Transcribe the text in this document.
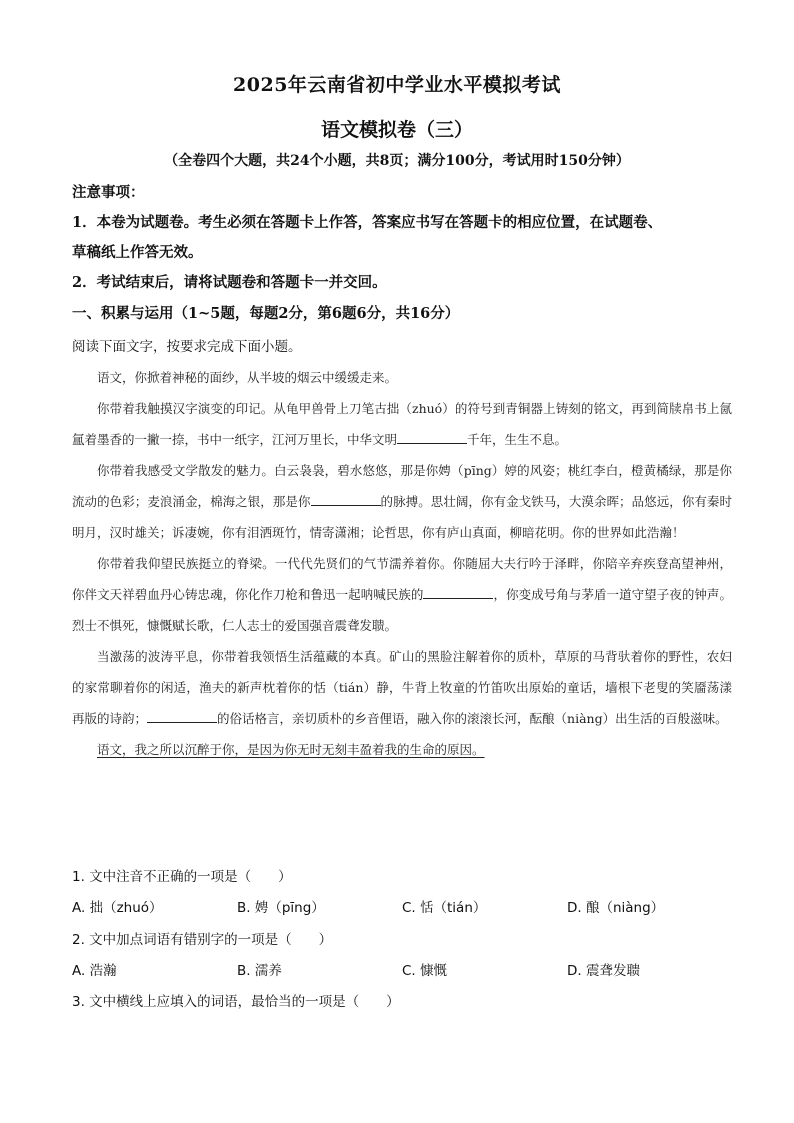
2025年云南省初中学业水平模拟考试
语文模拟卷（三）
（全卷四个大题，共24个小题，共8页；满分100分，考试用时150分钟）
注意事项：
1．本卷为试题卷。考生必须在答题卡上作答，答案应书写在答题卡的相应位置，在试题卷、
草稿纸上作答无效。
2．考试结束后，请将试题卷和答题卡一并交回。
一、积累与运用（1~5题，每题2分，第6题6分，共16分）
阅读下面文字，按要求完成下面小题。

语文，你掀着神秘的面纱，从半坡的烟云中缓缓走来。

你带着我触摸汉字演变的印记。从龟甲兽骨上刀笔古拙（zhuó）的符号到青铜器上铸刻的铭文，再到简牍帛书上氤氲着墨香的一撇一捺，书中一纸字，江河万里长，中华文明	千年，生生不息。

你带着我感受文学散发的魅力。白云袅袅，碧水悠悠，那是你娉（pīng）婷的风姿；桃红李白，橙黄橘绿，那是你流动的色彩；麦浪涌金，棉海之银，那是你	的脉搏。思壮阔，你有金戈铁马，大漠余晖；品悠远，你有秦时明月，汉时雄关；诉凄婉，你有泪洒斑竹，情寄潇湘；论哲思，你有庐山真面，柳暗花明。你的世界如此浩瀚！

你带着我仰望民族挺立的脊梁。一代代先贤们的气节濡养着你。你随屈大夫行吟于泽畔，你陪辛弃疾登高望神州，你伴文天祥碧血丹心铸忠魂，你化作刀枪和鲁迅一起呐喊民族的	，你变成号角与茅盾一道守望子夜的钟声。烈士不惧死，慷慨赋长歌，仁人志士的爱国强音震聋发聩。

当激荡的波涛平息，你带着我领悟生活蕴藏的本真。矿山的黑脸注解着你的质朴，草原的马背驮着你的野性，农妇的家常聊着你的闲适，渔夫的新声枕着你的恬（tián）静，牛背上牧童的竹笛吹出原始的童话，墙根下老叟的笑靥荡漾再版的诗韵；	的俗话格言，亲切质朴的乡音俚语，融入你的滚滚长河，酝酿（niàng）出生活的百般滋味。

语文，我之所以沉醉于你，是因为你无时无刻丰盈着我的生命的原因。

1. 文中注音不正确的一项是（　　）
A. 拙（zhuó）	B. 娉（pīng）	C. 恬（tián）	D. 酿（niàng）
2. 文中加点词语有错别字的一项是（　　）
A. 浩瀚	B. 濡养	C. 慷慨	D. 震聋发聩
3. 文中横线上应填入的词语，最恰当的一项是（　　）
